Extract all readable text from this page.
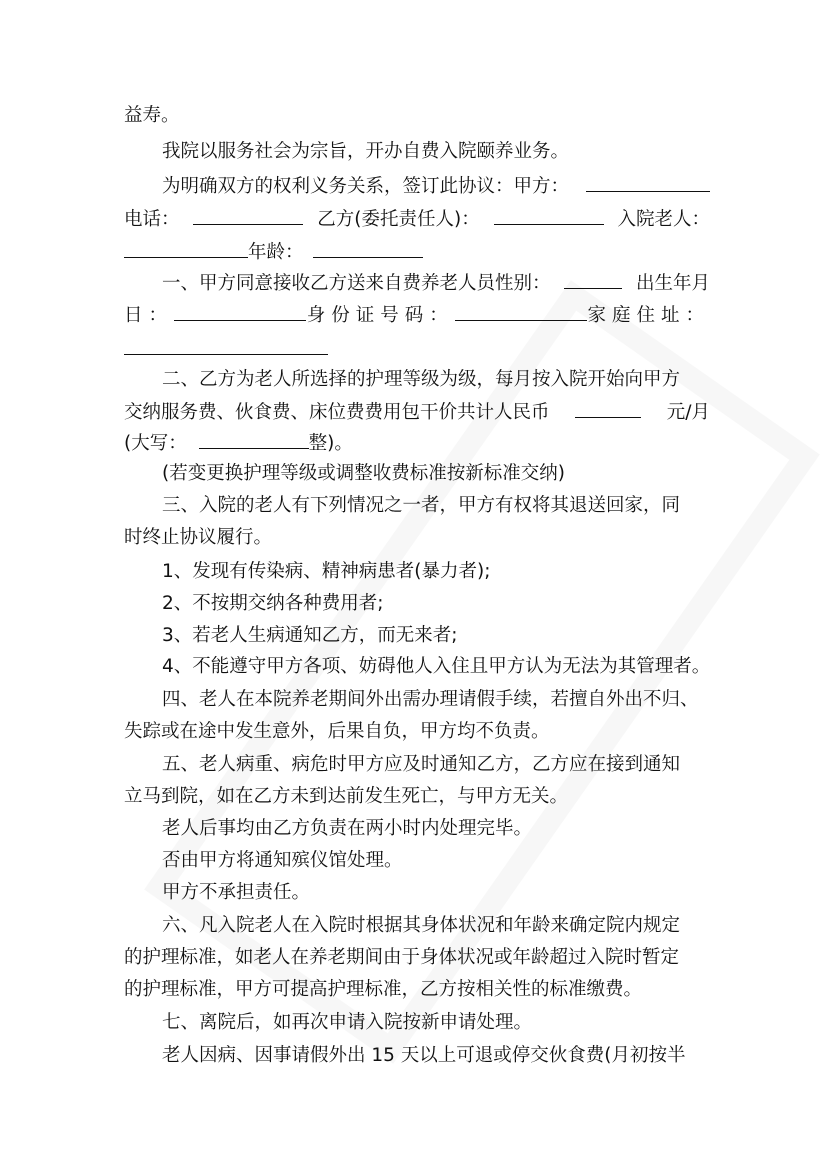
益寿。
我院以服务社会为宗旨，开办自费入院颐养业务。
为明确双方的权利义务关系，签订此协议：甲方：
电话：	乙方(委托责任人)：	入院老人：
年龄：
一、甲方同意接收乙方送来自费养老人员性别：	出生年月
日：	身份证号码：	家庭住址：
二、乙方为老人所选择的护理等级为级，每月按入院开始向甲方
交纳服务费、伙食费、床位费费用包干价共计人民币	元/月
(大写：	整)。
(若变更换护理等级或调整收费标准按新标准交纳)
三、入院的老人有下列情况之一者，甲方有权将其退送回家，同
时终止协议履行。
1、发现有传染病、精神病患者(暴力者);
2、不按期交纳各种费用者;
3、若老人生病通知乙方，而无来者;
4、不能遵守甲方各项、妨碍他人入住且甲方认为无法为其管理者。
四、老人在本院养老期间外出需办理请假手续，若擅自外出不归、
失踪或在途中发生意外，后果自负，甲方均不负责。
五、老人病重、病危时甲方应及时通知乙方，乙方应在接到通知
立马到院，如在乙方未到达前发生死亡，与甲方无关。
老人后事均由乙方负责在两小时内处理完毕。
否由甲方将通知殡仪馆处理。
甲方不承担责任。
六、凡入院老人在入院时根据其身体状况和年龄来确定院内规定
的护理标准，如老人在养老期间由于身体状况或年龄超过入院时暂定
的护理标准，甲方可提高护理标准，乙方按相关性的标准缴费。
七、离院后，如再次申请入院按新申请处理。
老人因病、因事请假外出 15 天以上可退或停交伙食费(月初按半
